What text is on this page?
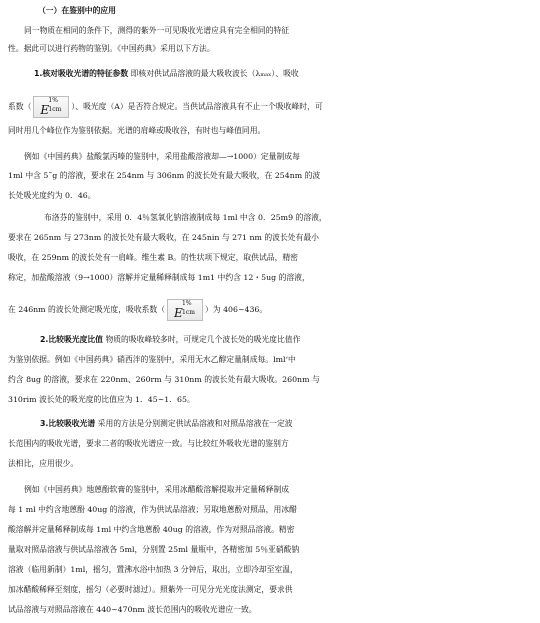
（一）在鉴别中的应用
同一物质在相同的条件下，测得的紫外一可见吸收光谱应具有完全相同的特征
性。据此可以进行药物的鉴别。《中国药典》采用以下方法。
1.核对吸收光谱的特征参数 即核对供试品溶液的最大吸收波长（λₘₐₓ）、吸收
系数（ E
1%
1cm ）、吸光度（A）是否符合规定。当供试品溶液具有不止一个吸收峰时，可
同时用几个峰位作为鉴别依据。光谱的肩峰或吸收谷，有时也与峰值同用。
例如《中国药典》盐酸氯丙嗪的鉴别中，采用盐酸溶液却—→1000）定量制成每
1ml 中含 5˜g 的溶液，要求在 254nm 与 306nm 的波长处有最大吸收，在 254nm 的波
长处吸光度约为 0．46。
布洛芬的鉴别中，采用 0．4％氢氧化钠溶液制成每 1ml 中含 0．25m9 的溶液，
要求在 265nm 与 273nm 的波长处有最大吸收，在 245nin 与 271 nm 的波长处有最小
吸收，在 259nm 的波长处有一肩峰。维生素 B。的性状项下规定，取供试品，精密
称定，加盐酸溶液（9→1000）溶解并定量稀释制成每 1m1 中约含 12・5ug 的溶液，
在 246nm 的波长处测定吸光度，吸收系数（ E
1%
1cm ）为 406~436。
2.比较吸光度比值 物质的吸收峰较多时，可规定几个波长处的吸光度比值作
为鉴别依据。例如《中国药典》硝西泮的鉴别中，采用无水乙醇定量制成每。lml‘中
约含 8ug 的溶液，要求在 220nm、260rm 与 310nm 的波长处有最大吸收。260nm 与
310rim 波长处的吸光度的比值应为 1．45~1．65。
3.比较吸收光谱 采用的方法是分别测定供试品溶液和对照品溶液在一定波
长范围内的吸收光谱，要求二者的吸收光谱应一致。与比较红外吸收光谱的鉴别方
法相比，应用很少。
例如《中国药典》地蒽酚软膏的鉴别中，采用冰醋酸溶解提取并定量稀释制成
每 1 ml 中约含地蒽酚 40ug 的溶液，作为供试品溶液；另取地蒽酚对照品，用冰醋
酸溶解并定量稀释制成每 1ml 中约含地蒽酚 40ug 的溶液，作为对照品溶液。精密
量取对照品溶液与供试品溶液各 5ml，分别置 25ml 量瓶中，各精密加 5％亚硝酸钠
溶液（临用新制）1ml，摇匀，置沸水浴中加热 3 分钟后，取出，立即冷却至室温，
加冰醋酸稀释至刻度，摇匀（必要时滤过）。照紫外一可见分光光度法测定，要求供
试品溶液与对照品溶液在 440~470nm 波长范围内的吸收光谱应一致。
